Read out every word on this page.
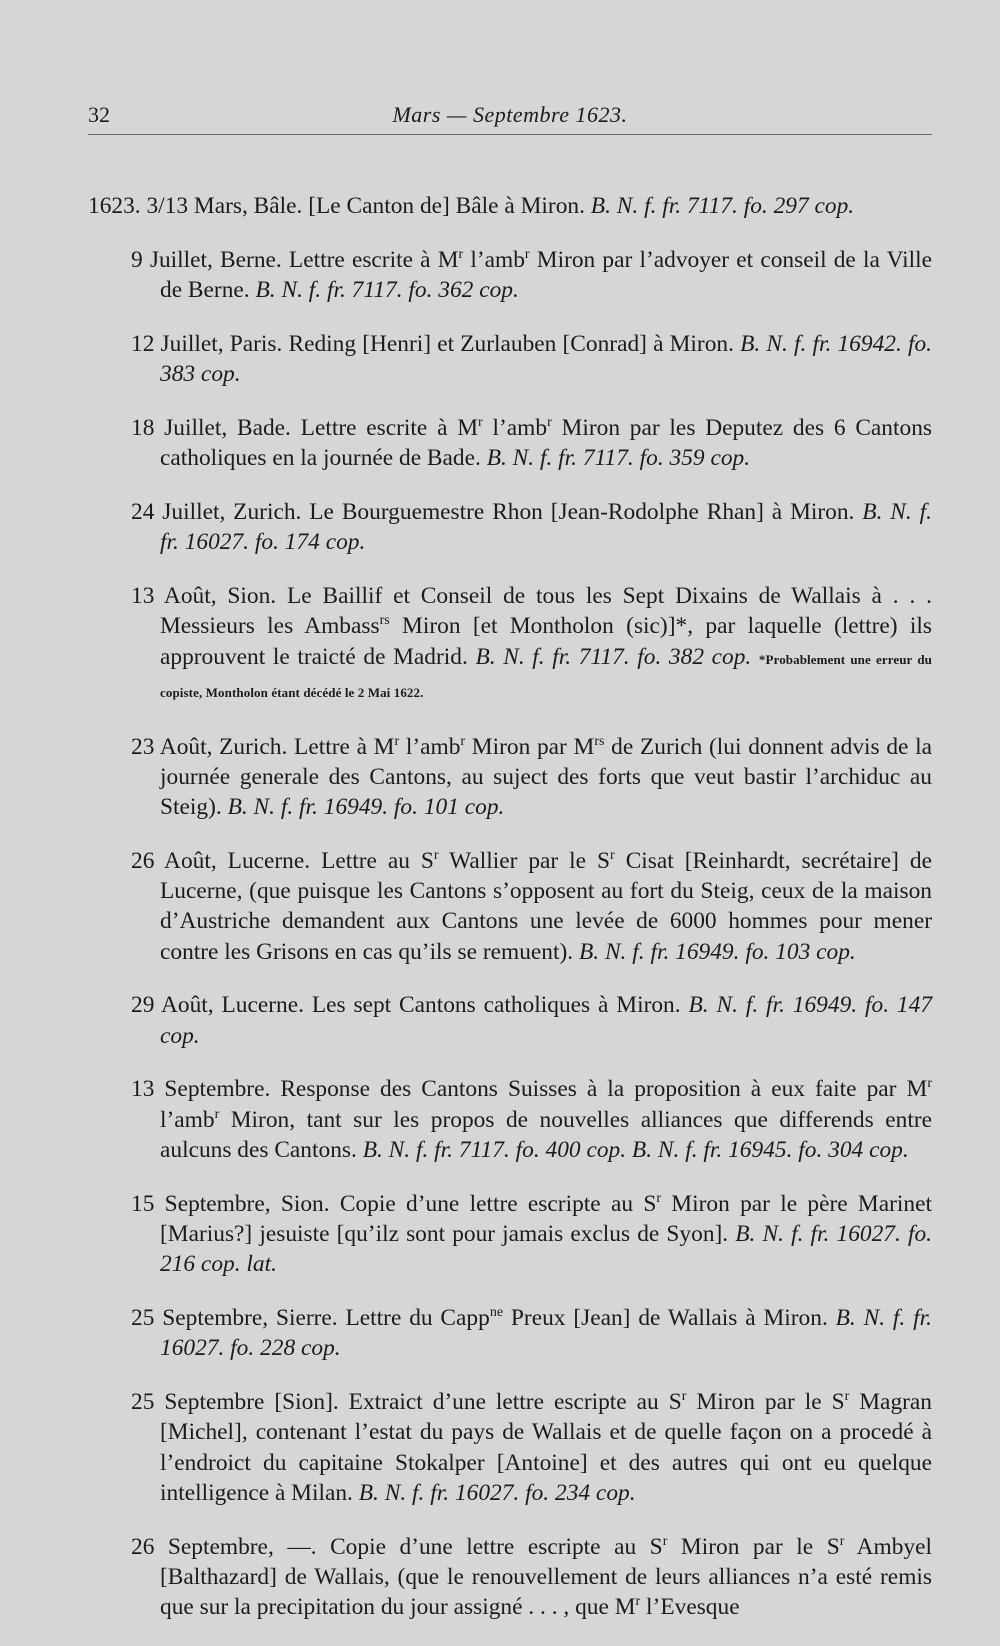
32	Mars — Septembre 1623.

1623. 3/13 Mars, Bâle. [Le Canton de] Bâle à Miron. B. N. f. fr. 7117. fo. 297 cop.

9 Juillet, Berne. Lettre escrite à $M^r$ l’amb$^r$ Miron par l’advoyer et conseil de la Ville de Berne. B. N. f. fr. 7117. fo. 362 cop.

12 Juillet, Paris. Reding [Henri] et Zurlauben [Conrad] à Miron. B. N. f. fr. 16942. fo. 383 cop.

18 Juillet, Bade. Lettre escrite à $M^r$ l’amb$^r$ Miron par les Deputez des 6 Cantons catholiques en la journée de Bade. B. N. f. fr. 7117. fo. 359 cop.

24 Juillet, Zurich. Le Bourguemestre Rhon [Jean-Rodolphe Rhan] à Miron. B. N. f. fr. 16027. fo. 174 cop.

13 Août, Sion. Le Baillif et Conseil de tous les Sept Dixains de Wallais à . . . Messieurs les Ambass$^{rs}$ Miron [et Montholon (sic)]*, par laquelle (lettre) ils approuvent le traicté de Madrid. B. N. f. fr. 7117. fo. 382 cop. *Probablement une erreur du copiste, Montholon étant décédé le 2 Mai 1622.

23 Août, Zurich. Lettre à $M^r$ l’amb$^r$ Miron par $M^{rs}$ de Zurich (lui donnent advis de la journée generale des Cantons, au suject des forts que veut bastir l’archiduc au Steig). B. N. f. fr. 16949. fo. 101 cop.

26 Août, Lucerne. Lettre au $S^r$ Wallier par le $S^r$ Cisat [Reinhardt, secrétaire] de Lucerne, (que puisque les Cantons s’opposent au fort du Steig, ceux de la maison d’Austriche demandent aux Cantons une levée de 6000 hommes pour mener contre les Grisons en cas qu’ils se remuent). B. N. f. fr. 16949. fo. 103 cop.

29 Août, Lucerne. Les sept Cantons catholiques à Miron. B. N. f. fr. 16949. fo. 147 cop.

13 Septembre. Response des Cantons Suisses à la proposition à eux faite par $M^r$ l’amb$^r$ Miron, tant sur les propos de nouvelles alliances que differends entre aulcuns des Cantons. B. N. f. fr. 7117. fo. 400 cop. B. N. f. fr. 16945. fo. 304 cop.

15 Septembre, Sion. Copie d’une lettre escripte au $S^r$ Miron par le père Marinet [Marius?] jesuiste [qu’ilz sont pour jamais exclus de Syon]. B. N. f. fr. 16027. fo. 216 cop. lat.

25 Septembre, Sierre. Lettre du Capp$^{ne}$ Preux [Jean] de Wallais à Miron. B. N. f. fr. 16027. fo. 228 cop.

25 Septembre [Sion]. Extraict d’une lettre escripte au $S^r$ Miron par le $S^r$ Magran [Michel], contenant l’estat du pays de Wallais et de quelle façon on a procedé à l’endroict du capitaine Stokalper [Antoine] et des autres qui ont eu quelque intelligence à Milan. B. N. f. fr. 16027. fo. 234 cop.

26 Septembre, —. Copie d’une lettre escripte au $S^r$ Miron par le $S^r$ Ambyel [Balthazard] de Wallais, (que le renouvellement de leurs alliances n’a esté remis que sur la precipitation du jour assigné . . . , que $M^r$ l’Evesque
